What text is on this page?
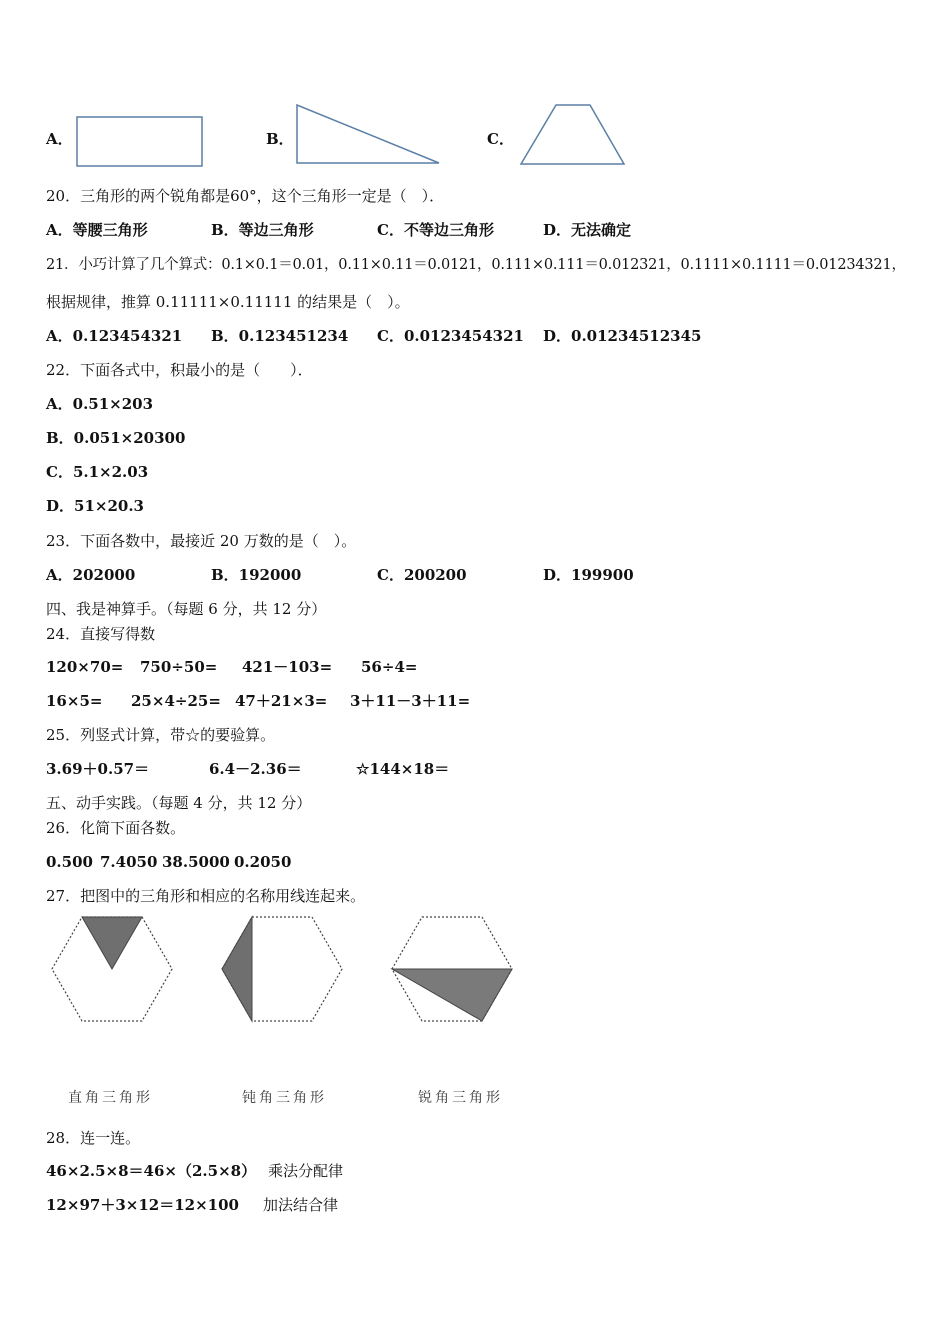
A．	B．	C．
20．三角形的两个锐角都是60°，这个三角形一定是（　）．
A．等腰三角形	B．等边三角形	C．不等边三角形	D．无法确定
21．小巧计算了几个算式：0.1×0.1＝0.01，0.11×0.11＝0.0121，0.111×0.111＝0.012321，0.1111×0.1111＝0.01234321，
根据规律，推算 0.11111×0.11111 的结果是（　）。
A．0.123454321 B．0.123451234 C．0.0123454321 D．0.01234512345
22．下面各式中，积最小的是（　　）．
A．0.51×203
B．0.051×20300
C．5.1×2.03
D．51×20.3
23．下面各数中，最接近 20 万数的是（　）。
A．202000	B．192000	C．200200	D．199900
四、我是神算手。（每题 6 分，共 12 分）
24．直接写得数
120×70= 750÷50= 421－103= 56÷4=
16×5= 25×4÷25= 47＋21×3= 3＋11－3＋11=
25．列竖式计算，带☆的要验算。
3.69＋0.57＝	6.4－2.36＝	☆144×18＝
五、动手实践。（每题 4 分，共 12 分）
26．化简下面各数。
0.500 7.4050 38.5000 0.2050
27．把图中的三角形和相应的名称用线连起来。
直角三角形	钝角三角形	锐角三角形
28．连一连。
46×2.5×8＝46×（2.5×8） 乘法分配律
12×97＋3×12＝12×100 加法结合律
